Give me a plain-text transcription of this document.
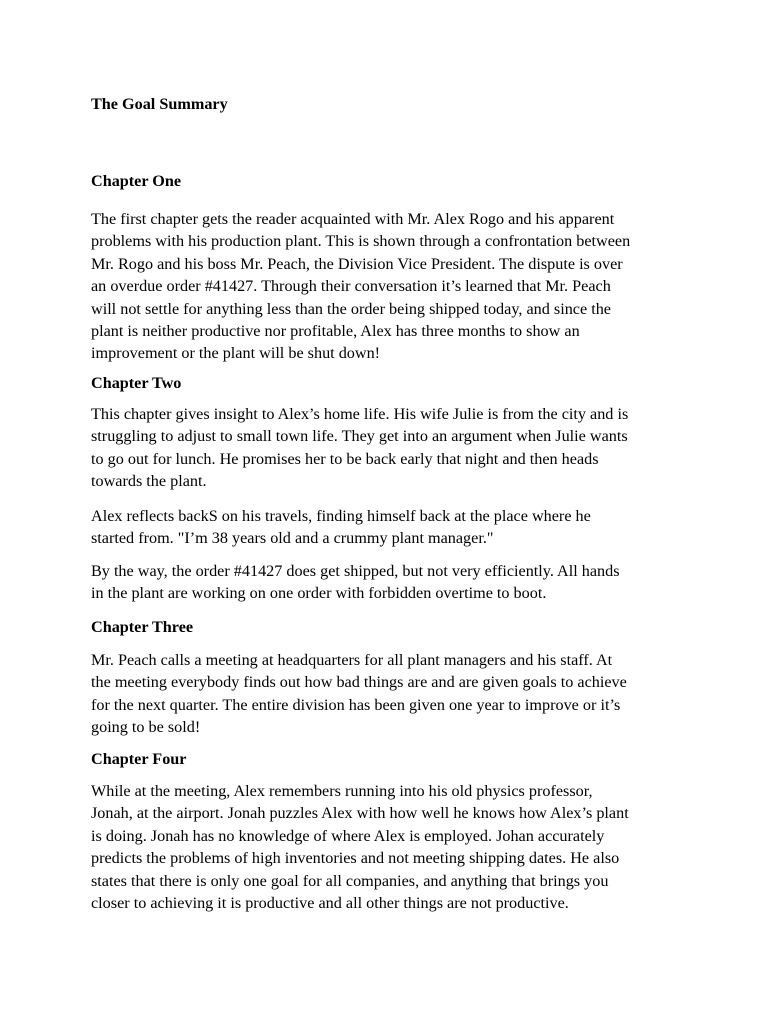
The Goal Summary
Chapter One

The first chapter gets the reader acquainted with Mr. Alex Rogo and his apparent
problems with his production plant. This is shown through a confrontation between
Mr. Rogo and his boss Mr. Peach, the Division Vice President. The dispute is over
an overdue order #41427. Through their conversation it’s learned that Mr. Peach
will not settle for anything less than the order being shipped today, and since the
plant is neither productive nor profitable, Alex has three months to show an
improvement or the plant will be shut down!

Chapter Two

This chapter gives insight to Alex’s home life. His wife Julie is from the city and is
struggling to adjust to small town life. They get into an argument when Julie wants
to go out for lunch. He promises her to be back early that night and then heads
towards the plant.

Alex reflects backS on his travels, finding himself back at the place where he
started from. "I’m 38 years old and a crummy plant manager."

By the way, the order #41427 does get shipped, but not very efficiently. All hands
in the plant are working on one order with forbidden overtime to boot.

Chapter Three

Mr. Peach calls a meeting at headquarters for all plant managers and his staff. At
the meeting everybody finds out how bad things are and are given goals to achieve
for the next quarter. The entire division has been given one year to improve or it’s
going to be sold!

Chapter Four

While at the meeting, Alex remembers running into his old physics professor,
Jonah, at the airport. Jonah puzzles Alex with how well he knows how Alex’s plant
is doing. Jonah has no knowledge of where Alex is employed. Johan accurately
predicts the problems of high inventories and not meeting shipping dates. He also
states that there is only one goal for all companies, and anything that brings you
closer to achieving it is productive and all other things are not productive.
